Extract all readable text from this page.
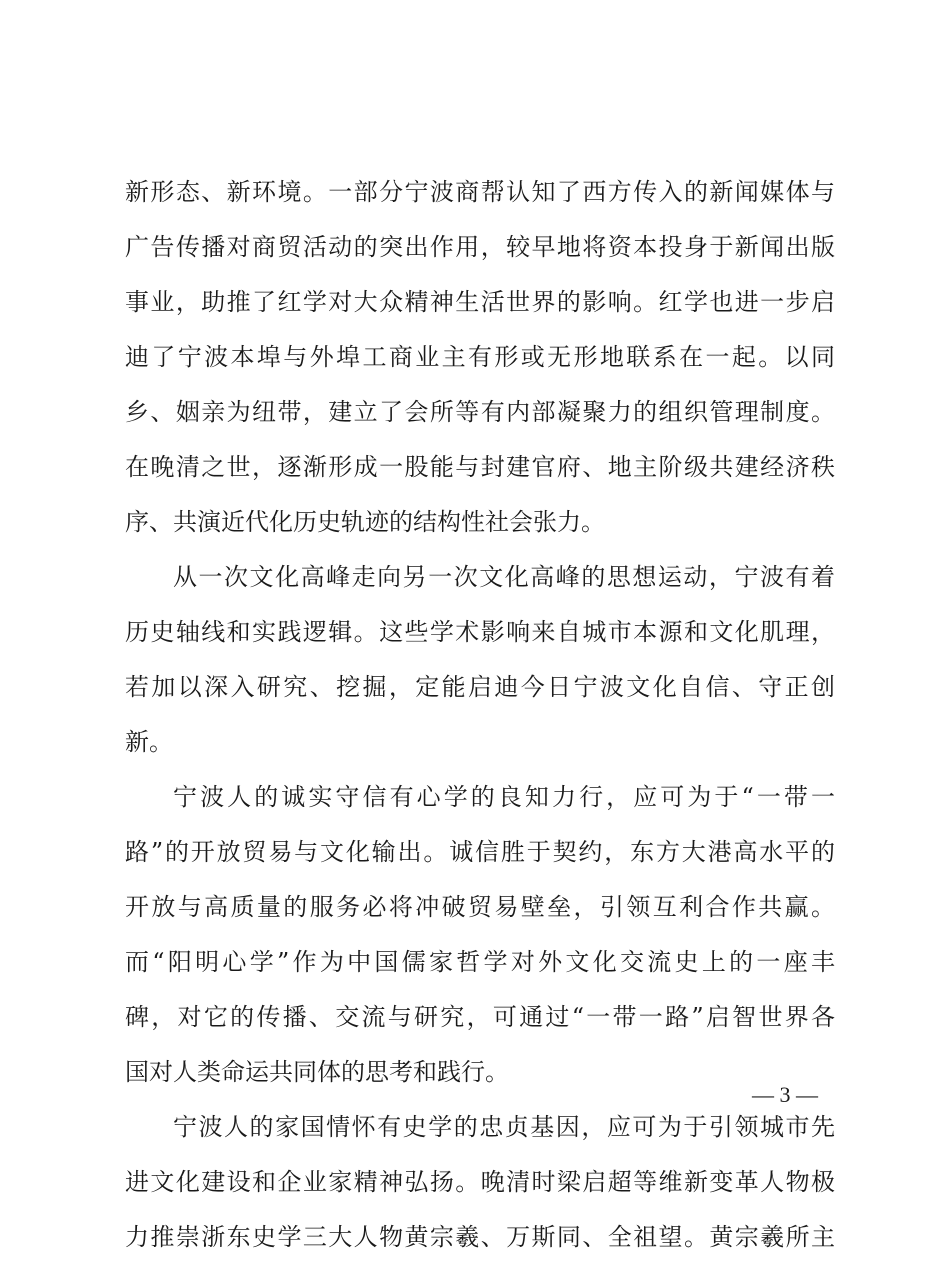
新形态、新环境。一部分宁波商帮认知了西方传入的新闻媒体与
广告传播对商贸活动的突出作用，较早地将资本投身于新闻出版
事业，助推了红学对大众精神生活世界的影响。红学也进一步启
迪了宁波本埠与外埠工商业主有形或无形地联系在一起。以同
乡、姻亲为纽带，建立了会所等有内部凝聚力的组织管理制度。
在晚清之世，逐渐形成一股能与封建官府、地主阶级共建经济秩
序、共演近代化历史轨迹的结构性社会张力。
从一次文化高峰走向另一次文化高峰的思想运动，宁波有着
历史轴线和实践逻辑。这些学术影响来自城市本源和文化肌理，
若加以深入研究、挖掘，定能启迪今日宁波文化自信、守正创
新。
宁波人的诚实守信有心学的良知力行，应可为于“一带一
路”的开放贸易与文化输出。诚信胜于契约，东方大港高水平的
开放与高质量的服务必将冲破贸易壁垒，引领互利合作共赢。
而“阳明心学”作为中国儒家哲学对外文化交流史上的一座丰
碑，对它的传播、交流与研究，可通过“一带一路”启智世界各
国对人类命运共同体的思考和践行。
宁波人的家国情怀有史学的忠贞基因，应可为于引领城市先
进文化建设和企业家精神弘扬。晚清时梁启超等维新变革人物极
力推崇浙东史学三大人物黄宗羲、万斯同、全祖望。黄宗羲所主
— 3 —
